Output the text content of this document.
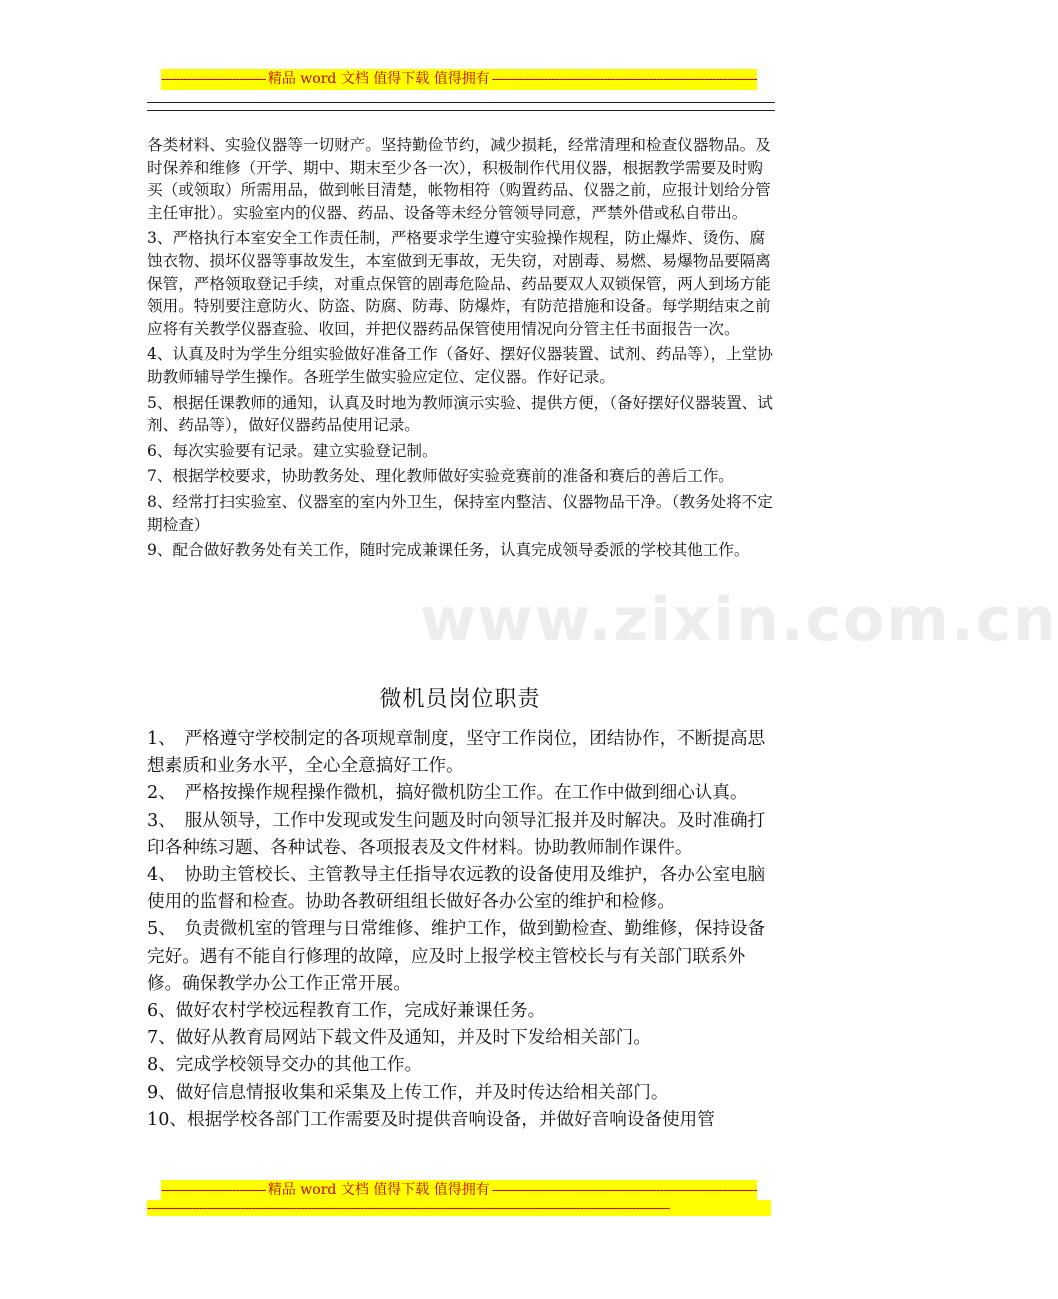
---------------------------- 精品 word 文档 值得下载 值得拥有 -----------------------------------------------------------------------

各类材料、实验仪器等一切财产。坚持勤俭节约，减少损耗，经常清理和检查仪器物品。及时保养和维修（开学、期中、期末至少各一次），积极制作代用仪器，根据教学需要及时购买（或领取）所需用品，做到帐目清楚，帐物相符（购置药品、仪器之前，应报计划给分管主任审批）。实验室内的仪器、药品、设备等未经分管领导同意，严禁外借或私自带出。

3、严格执行本室安全工作责任制，严格要求学生遵守实验操作规程，防止爆炸、烫伤、腐蚀衣物、损坏仪器等事故发生，本室做到无事故，无失窃，对剧毒、易燃、易爆物品要隔离保管，严格领取登记手续，对重点保管的剧毒危险品、药品要双人双锁保管，两人到场方能领用。特别要注意防火、防盗、防腐、防毒、防爆炸，有防范措施和设备。每学期结束之前应将有关教学仪器查验、收回，并把仪器药品保管使用情况向分管主任书面报告一次。

4、认真及时为学生分组实验做好准备工作（备好、摆好仪器装置、试剂、药品等），上堂协助教师辅导学生操作。各班学生做实验应定位、定仪器。作好记录。

5、根据任课教师的通知，认真及时地为教师演示实验、提供方便，（备好摆好仪器装置、试剂、药品等），做好仪器药品使用记录。

6、每次实验要有记录。建立实验登记制。

7、根据学校要求，协助教务处、理化教师做好实验竞赛前的准备和赛后的善后工作。

8、经常打扫实验室、仪器室的室内外卫生，保持室内整洁、仪器物品干净。（教务处将不定期检查）

9、配合做好教务处有关工作，随时完成兼课任务，认真完成领导委派的学校其他工作。

www.zixin.com.cn
微机员岗位职责

1、　严格遵守学校制定的各项规章制度，坚守工作岗位，团结协作，不断提高思想素质和业务水平，全心全意搞好工作。

2、　严格按操作规程操作微机，搞好微机防尘工作。在工作中做到细心认真。

3、　服从领导，工作中发现或发生问题及时向领导汇报并及时解决。及时准确打印各种练习题、各种试卷、各项报表及文件材料。协助教师制作课件。

4、　协助主管校长、主管教导主任指导农远教的设备使用及维护，各办公室电脑使用的监督和检查。协助各教研组组长做好各办公室的维护和检修。

5、　负责微机室的管理与日常维修、维护工作，做到勤检查、勤维修，保持设备完好。遇有不能自行修理的故障，应及时上报学校主管校长与有关部门联系外修。确保教学办公工作正常开展。

6、做好农村学校远程教育工作，完成好兼课任务。

7、做好从教育局网站下载文件及通知，并及时下发给相关部门。

8、完成学校领导交办的其他工作。

9、做好信息情报收集和采集及上传工作，并及时传达给相关部门。

10、根据学校各部门工作需要及时提供音响设备，并做好音响设备使用管

---------------------------- 精品 word 文档 值得下载 值得拥有 -----------------------------------------------------------------------
--------------------------------------------------------------------------------------------------------------------------------------------
